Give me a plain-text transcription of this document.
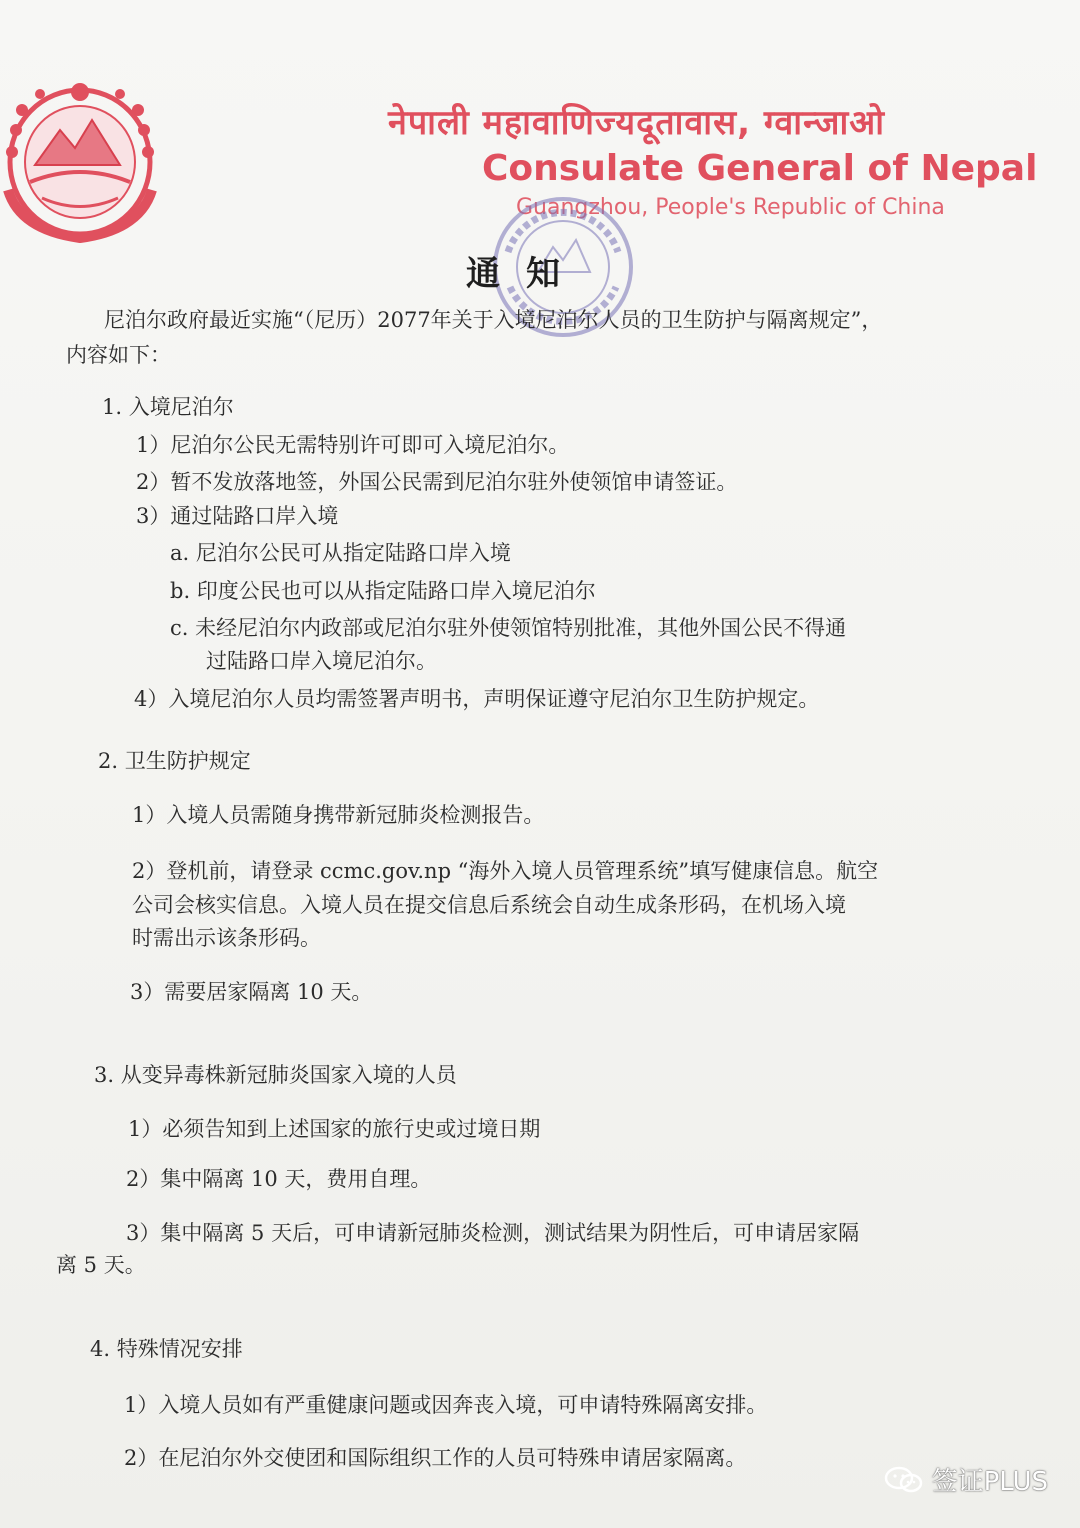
नेपाली महावाणिज्यदूतावास, ग्वान्जाओ
Consulate General of Nepal
Guangzhou, People's Republic of China
通知
尼泊尔政府最近实施“（尼历）2077年关于入境尼泊尔人员的卫生防护与隔离规定”，
内容如下：
1. 入境尼泊尔
1）尼泊尔公民无需特别许可即可入境尼泊尔。
2）暂不发放落地签，外国公民需到尼泊尔驻外使领馆申请签证。
3）通过陆路口岸入境
a. 尼泊尔公民可从指定陆路口岸入境
b. 印度公民也可以从指定陆路口岸入境尼泊尔
c. 未经尼泊尔内政部或尼泊尔驻外使领馆特别批准，其他外国公民不得通
过陆路口岸入境尼泊尔。
4）入境尼泊尔人员均需签署声明书，声明保证遵守尼泊尔卫生防护规定。
2. 卫生防护规定
1）入境人员需随身携带新冠肺炎检测报告。
2）登机前，请登录 ccmc.gov.np “海外入境人员管理系统”填写健康信息。航空
公司会核实信息。入境人员在提交信息后系统会自动生成条形码，在机场入境
时需出示该条形码。
3）需要居家隔离 10 天。
3. 从变异毒株新冠肺炎国家入境的人员
1）必须告知到上述国家的旅行史或过境日期
2）集中隔离 10 天，费用自理。
3）集中隔离 5 天后，可申请新冠肺炎检测，测试结果为阴性后，可申请居家隔
离 5 天。
4. 特殊情况安排
1）入境人员如有严重健康问题或因奔丧入境，可申请特殊隔离安排。
2）在尼泊尔外交使团和国际组织工作的人员可特殊申请居家隔离。
签证PLUS
